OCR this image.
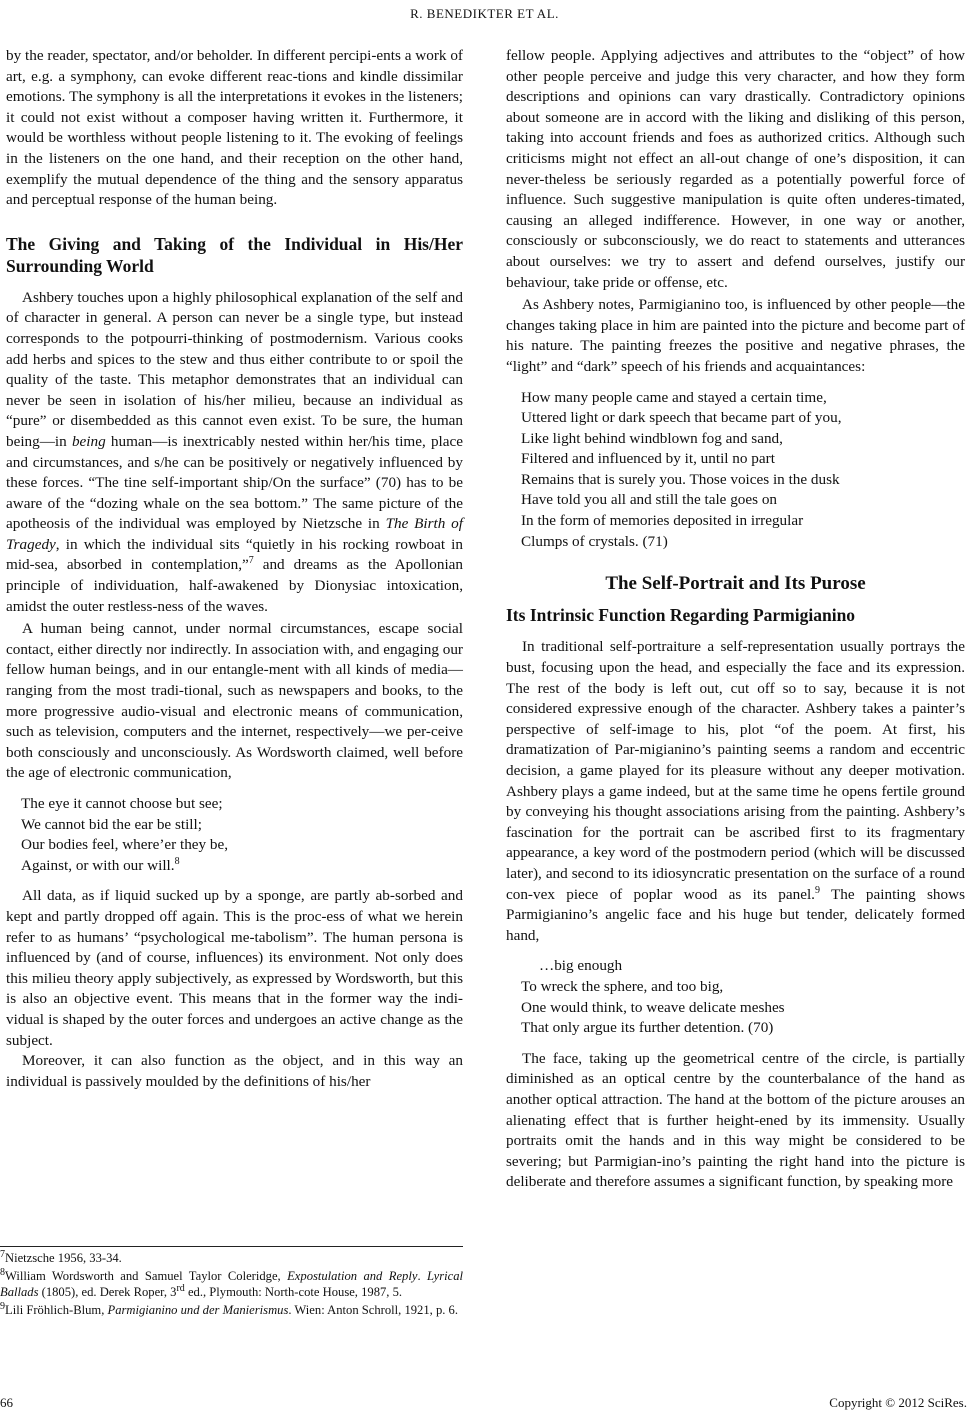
R. BENEDIKTER ET AL.

by the reader, spectator, and/or beholder. In different percipi-ents a work of art, e.g. a symphony, can evoke different reac-tions and kindle dissimilar emotions. The symphony is all the interpretations it evokes in the listeners; it could not exist without a composer having written it. Furthermore, it would be worthless without people listening to it. The evoking of feelings in the listeners on the one hand, and their reception on the other hand, exemplify the mutual dependence of the thing and the sensory apparatus and perceptual response of the human being.

The Giving and Taking of the Individual in His/Her Surrounding World

Ashbery touches upon a highly philosophical explanation of the self and of character in general. A person can never be a single type, but instead corresponds to the potpourri-thinking of postmodernism. Various cooks add herbs and spices to the stew and thus either contribute to or spoil the quality of the taste. This metaphor demonstrates that an individual can never be seen in isolation of his/her milieu, because an individual as “pure” or disembedded as this cannot even exist. To be sure, the human being—in being human—is inextricably nested within her/his time, place and circumstances, and s/he can be positively or negatively influenced by these forces. “The tine self-important ship/On the surface” (70) has to be aware of the “dozing whale on the sea bottom.” The same picture of the apotheosis of the individual was employed by Nietzsche in The Birth of Tragedy, in which the individual sits “quietly in his rocking rowboat in mid-sea, absorbed in contemplation,”$^7$ and dreams as the Apollonian principle of individuation, half-awakened by Dionysiac intoxication, amidst the outer restless-ness of the waves.

A human being cannot, under normal circumstances, escape social contact, either directly nor indirectly. In association with, and engaging our fellow human beings, and in our entangle-ment with all kinds of media—ranging from the most tradi-tional, such as newspapers and books, to the more progressive audio-visual and electronic means of communication, such as television, computers and the internet, respectively—we per-ceive both consciously and unconsciously. As Wordsworth claimed, well before the age of electronic communication,

The eye it cannot choose but see;
We cannot bid the ear be still;
Our bodies feel, where’er they be,
Against, or with our will.$^8$

All data, as if liquid sucked up by a sponge, are partly ab-sorbed and kept and partly dropped off again. This is the proc-ess of what we herein refer to as humans’ “psychological me-tabolism”. The human persona is influenced by (and of course, influences) its environment. Not only does this milieu theory apply subjectively, as expressed by Wordsworth, but this is also an objective event. This means that in the former way the indi-vidual is shaped by the outer forces and undergoes an active change as the subject.

Moreover, it can also function as the object, and in this way an individual is passively moulded by the definitions of his/her

$^7$Nietzsche 1956, 33-34.
$^8$William Wordsworth and Samuel Taylor Coleridge, Expostulation and Reply. Lyrical Ballads (1805), ed. Derek Roper, 3rd ed., Plymouth: North-cote House, 1987, 5.
$^9$Lili Fröhlich-Blum, Parmigianino und der Manierismus. Wien: Anton Schroll, 1921, p. 6.

fellow people. Applying adjectives and attributes to the “object” of how other people perceive and judge this very character, and how they form descriptions and opinions can vary drastically. Contradictory opinions about someone are in accord with the liking and disliking of this person, taking into account friends and foes as authorized critics. Although such criticisms might not effect an all-out change of one’s disposition, it can never-theless be seriously regarded as a potentially powerful force of influence. Such suggestive manipulation is quite often underes-timated, causing an alleged indifference. However, in one way or another, consciously or subconsciously, we do react to statements and utterances about ourselves: we try to assert and defend ourselves, justify our behaviour, take pride or offense, etc.

As Ashbery notes, Parmigianino too, is influenced by other people—the changes taking place in him are painted into the picture and become part of his nature. The painting freezes the positive and negative phrases, the “light” and “dark” speech of his friends and acquaintances:

How many people came and stayed a certain time,
Uttered light or dark speech that became part of you,
Like light behind windblown fog and sand,
Filtered and influenced by it, until no part
Remains that is surely you. Those voices in the dusk
Have told you all and still the tale goes on
In the form of memories deposited in irregular
Clumps of crystals. (71)
The Self-Portrait and Its Purose
Its Intrinsic Function Regarding Parmigianino

In traditional self-portraiture a self-representation usually portrays the bust, focusing upon the head, and especially the face and its expression. The rest of the body is left out, cut off so to say, because it is not considered expressive enough of the character. Ashbery takes a painter’s perspective of self-image to his, plot “of the poem. At first, his dramatization of Par-migianino’s painting seems a random and eccentric decision, a game played for its pleasure without any deeper motivation. Ashbery plays a game indeed, but at the same time he opens fertile ground by conveying his thought associations arising from the painting. Ashbery’s fascination for the portrait can be ascribed first to its fragmentary appearance, a key word of the postmodern period (which will be discussed later), and second to its idiosyncratic presentation on the surface of a round con-vex piece of poplar wood as its panel.$^9$ The painting shows Parmigianino’s angelic face and his huge but tender, delicately formed hand,

…big enough
To wreck the sphere, and too big,
One would think, to weave delicate meshes
That only argue its further detention. (70)

The face, taking up the geometrical centre of the circle, is partially diminished as an optical centre by the counterbalance of the hand as another optical attraction. The hand at the bottom of the picture arouses an alienating effect that is further height-ened by its immensity. Usually portraits omit the hands and in this way might be considered to be severing; but Parmigian-ino’s painting the right hand into the picture is deliberate and therefore assumes a significant function, by speaking more

66	Copyright © 2012 SciRes.
